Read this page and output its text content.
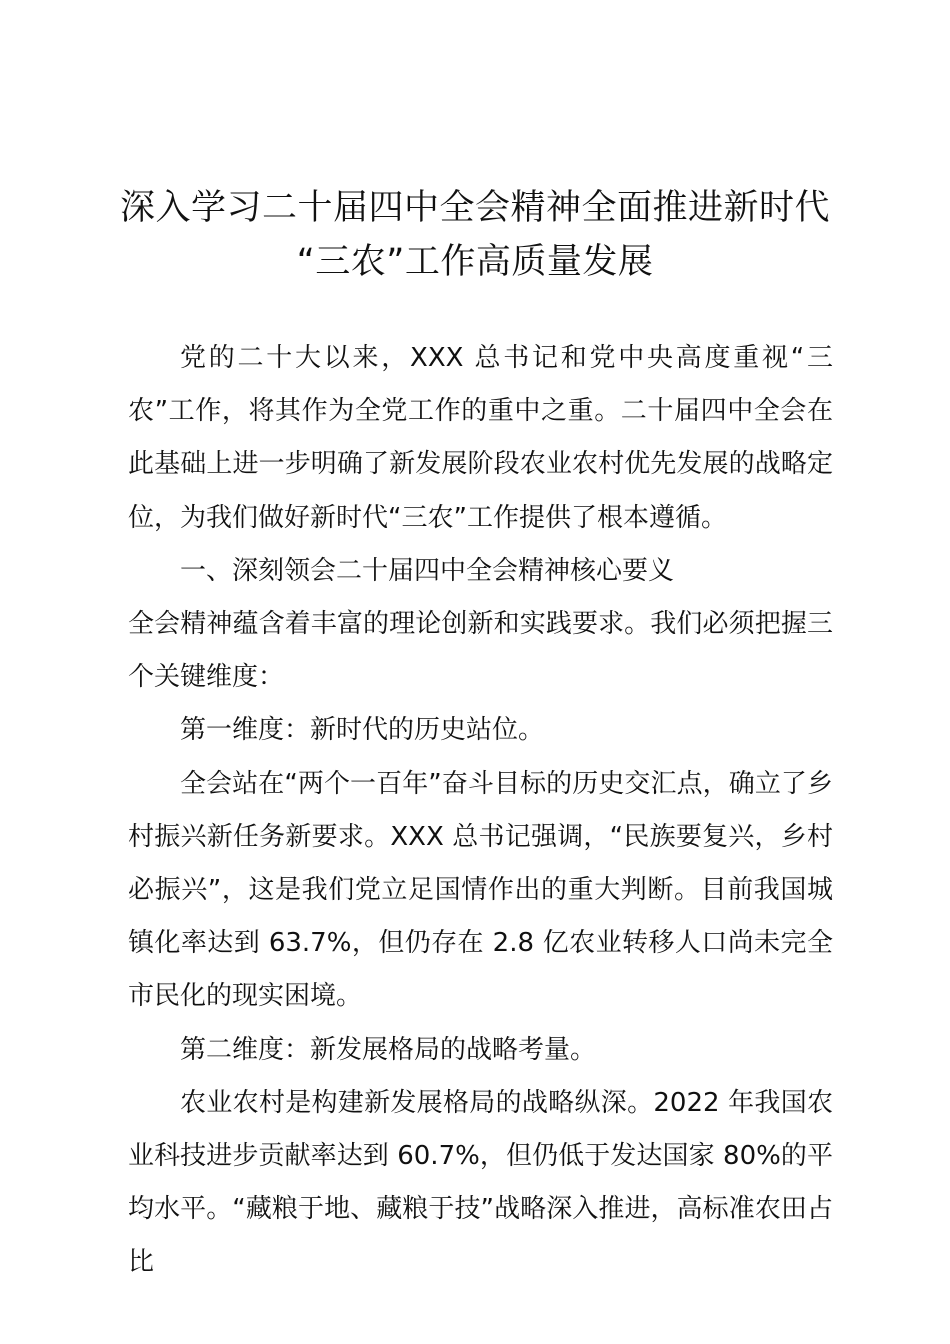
深入学习二十届四中全会精神全面推进新时代
“三农”工作高质量发展

党的二十大以来，XXX 总书记和党中央高度重视“三农”工作，将其作为全党工作的重中之重。二十届四中全会在此基础上进一步明确了新发展阶段农业农村优先发展的战略定位，为我们做好新时代“三农”工作提供了根本遵循。

一、深刻领会二十届四中全会精神核心要义

全会精神蕴含着丰富的理论创新和实践要求。我们必须把握三个关键维度：

第一维度：新时代的历史站位。

全会站在“两个一百年”奋斗目标的历史交汇点，确立了乡村振兴新任务新要求。XXX 总书记强调，“民族要复兴，乡村必振兴”，这是我们党立足国情作出的重大判断。目前我国城镇化率达到 63.7%，但仍存在 2.8 亿农业转移人口尚未完全市民化的现实困境。

第二维度：新发展格局的战略考量。

农业农村是构建新发展格局的战略纵深。2022 年我国农业科技进步贡献率达到 60.7%，但仍低于发达国家 80%的平均水平。“藏粮于地、藏粮于技”战略深入推进，高标准农田占比
